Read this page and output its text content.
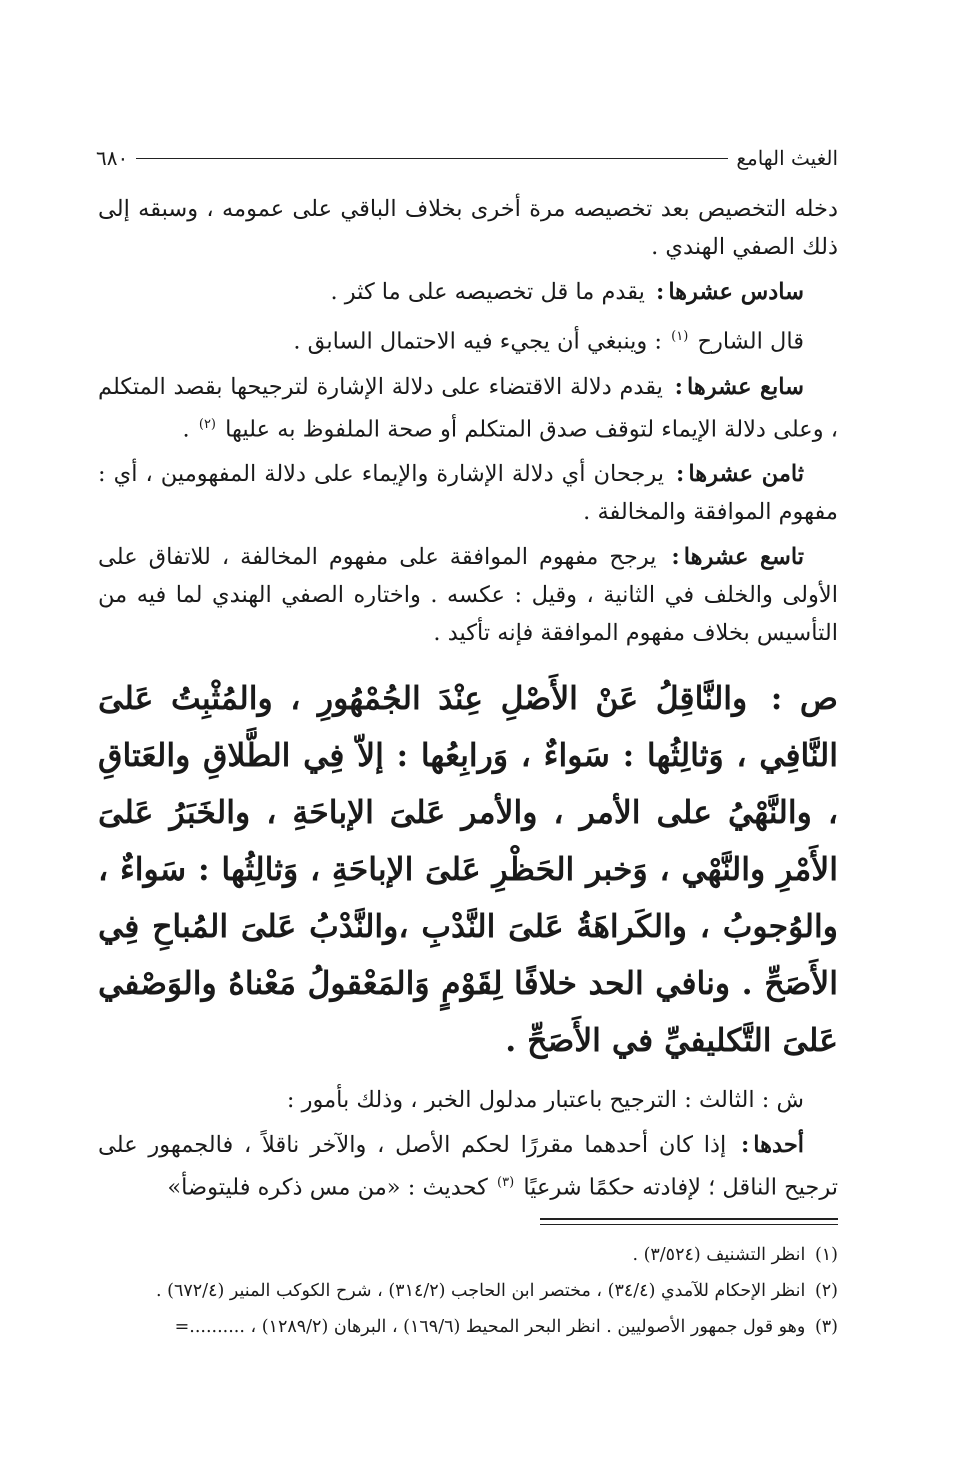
الغيث الهامع
٦٨٠

دخله التخصيص بعد تخصيصه مرة أخرى بخلاف الباقي على عمومه ، وسبقه إلى ذلك الصفي الهندي .

سادس عشرها: يقدم ما قل تخصيصه على ما كثر .

قال الشارح $^{(١)}$ : وينبغي أن يجيء فيه الاحتمال السابق .

سابع عشرها: يقدم دلالة الاقتضاء على دلالة الإشارة لترجيحها بقصد المتكلم ، وعلى دلالة الإيماء لتوقف صدق المتكلم أو صحة الملفوظ به عليها $^{(٢)}$ .

ثامن عشرها: يرجحان أي دلالة الإشارة والإيماء على دلالة المفهومين ، أي : مفهوم الموافقة والمخالفة .

تاسع عشرها: يرجح مفهوم الموافقة على مفهوم المخالفة ، للاتفاق على الأولى والخلف في الثانية ، وقيل : عكسه . واختاره الصفي الهندي لما فيه من التأسيس بخلاف مفهوم الموافقة فإنه تأكيد .

ص : والنَّاقِلُ عَنْ الأَصْلِ عِنْدَ الجُمْهُورِ ، والمُثْبِتُ عَلىَ النَّافِي ، وَثالِثُها : سَواءٌ ، وَرابِعُها : إلاّ فِي الطَّلاقِ والعَتاقِ ، والنَّهْيُ على الأمر ، والأمر عَلىَ الإباحَةِ ، والخَبَرُ عَلىَ الأَمْرِ والنَّهْي ، وَخبر الحَظْرِ عَلىَ الإباحَةِ ، وَثالِثُها : سَواءٌ ، والوُجوبُ ، والكَراهَةُ عَلىَ النَّدْبِ ،والنَّدْبُ عَلىَ المُباحِ فِي الأَصَحِّ . ونافي الحد خلافًا لِقَوْمٍ وَالمَعْقولُ مَعْناهُ والوَصْفي عَلىَ التَّكليفيِّ في الأَصَحِّ .

ش : الثالث : الترجيح باعتبار مدلول الخبر ، وذلك بأمور :

أحدها: إذا كان أحدهما مقررًا لحكم الأصل ، والآخر ناقلاً ، فالجمهور على ترجيح الناقل ؛ لإفادته حكمًا شرعيًا $^{(٣)}$ كحديث : «من مس ذكره فليتوضأ»

(١) انظر التشنيف (٣/٥٢٤) .

(٢) انظر الإحكام للآمدي (٣٤/٤) ، مختصر ابن الحاجب (٣١٤/٢) ، شرح الكوكب المنير (٦٧٢/٤) .

(٣) وهو قول جمهور الأصوليين . انظر البحر المحيط (١٦٩/٦) ، البرهان (١٢٨٩/٢) ، ..........=
